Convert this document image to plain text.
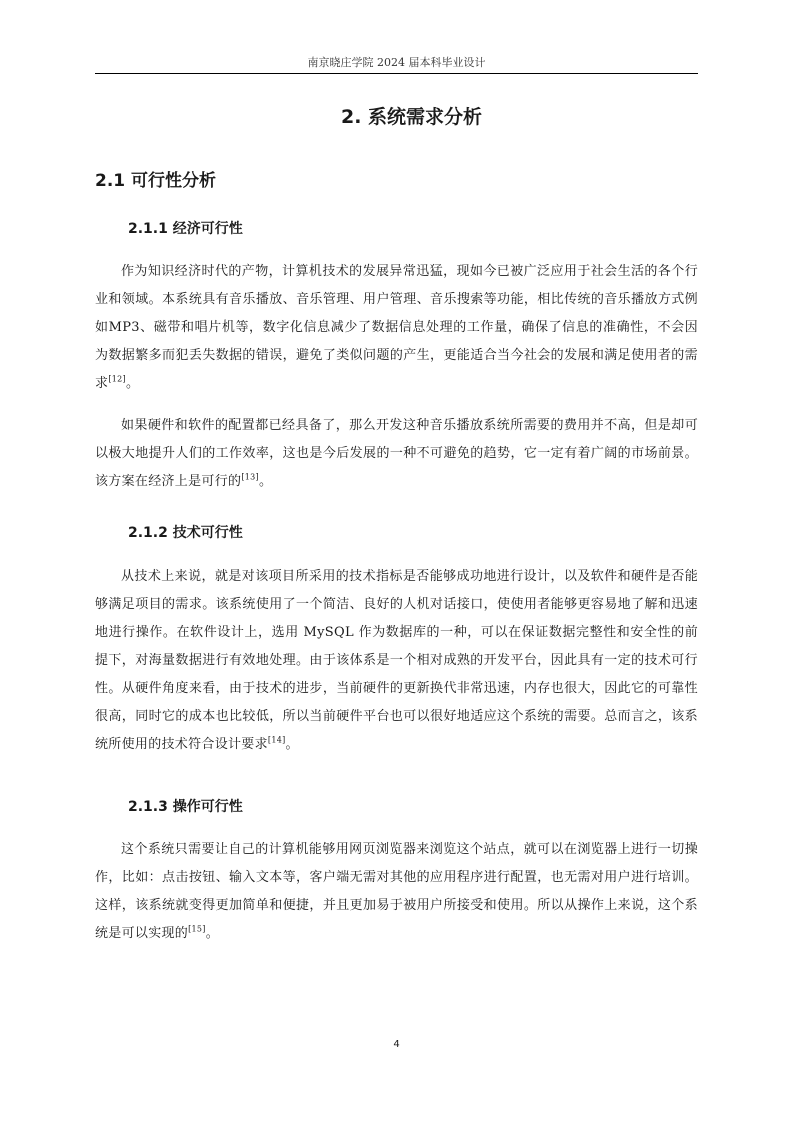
南京晓庄学院 2024 届本科毕业设计
2. 系统需求分析
2.1 可行性分析
2.1.1 经济可行性

作为知识经济时代的产物，计算机技术的发展异常迅猛，现如今已被广泛应用于社会生活的各个行业和领域。本系统具有音乐播放、音乐管理、用户管理、音乐搜索等功能，相比传统的音乐播放方式例如MP3、磁带和唱片机等，数字化信息减少了数据信息处理的工作量，确保了信息的准确性，不会因为数据繁多而犯丢失数据的错误，避免了类似问题的产生，更能适合当今社会的发展和满足使用者的需求[12]。

如果硬件和软件的配置都已经具备了，那么开发这种音乐播放系统所需要的费用并不高，但是却可以极大地提升人们的工作效率，这也是今后发展的一种不可避免的趋势，它一定有着广阔的市场前景。该方案在经济上是可行的[13]。

2.1.2 技术可行性

从技术上来说，就是对该项目所采用的技术指标是否能够成功地进行设计，以及软件和硬件是否能够满足项目的需求。该系统使用了一个简洁、良好的人机对话接口，使使用者能够更容易地了解和迅速地进行操作。在软件设计上，选用 MySQL 作为数据库的一种，可以在保证数据完整性和安全性的前提下，对海量数据进行有效地处理。由于该体系是一个相对成熟的开发平台，因此具有一定的技术可行性。从硬件角度来看，由于技术的进步，当前硬件的更新换代非常迅速，内存也很大，因此它的可靠性很高，同时它的成本也比较低，所以当前硬件平台也可以很好地适应这个系统的需要。总而言之，该系统所使用的技术符合设计要求[14]。

2.1.3 操作可行性

这个系统只需要让自己的计算机能够用网页浏览器来浏览这个站点，就可以在浏览器上进行一切操作，比如：点击按钮、输入文本等，客户端无需对其他的应用程序进行配置，也无需对用户进行培训。这样，该系统就变得更加简单和便捷，并且更加易于被用户所接受和使用。所以从操作上来说，这个系统是可以实现的[15]。

4
